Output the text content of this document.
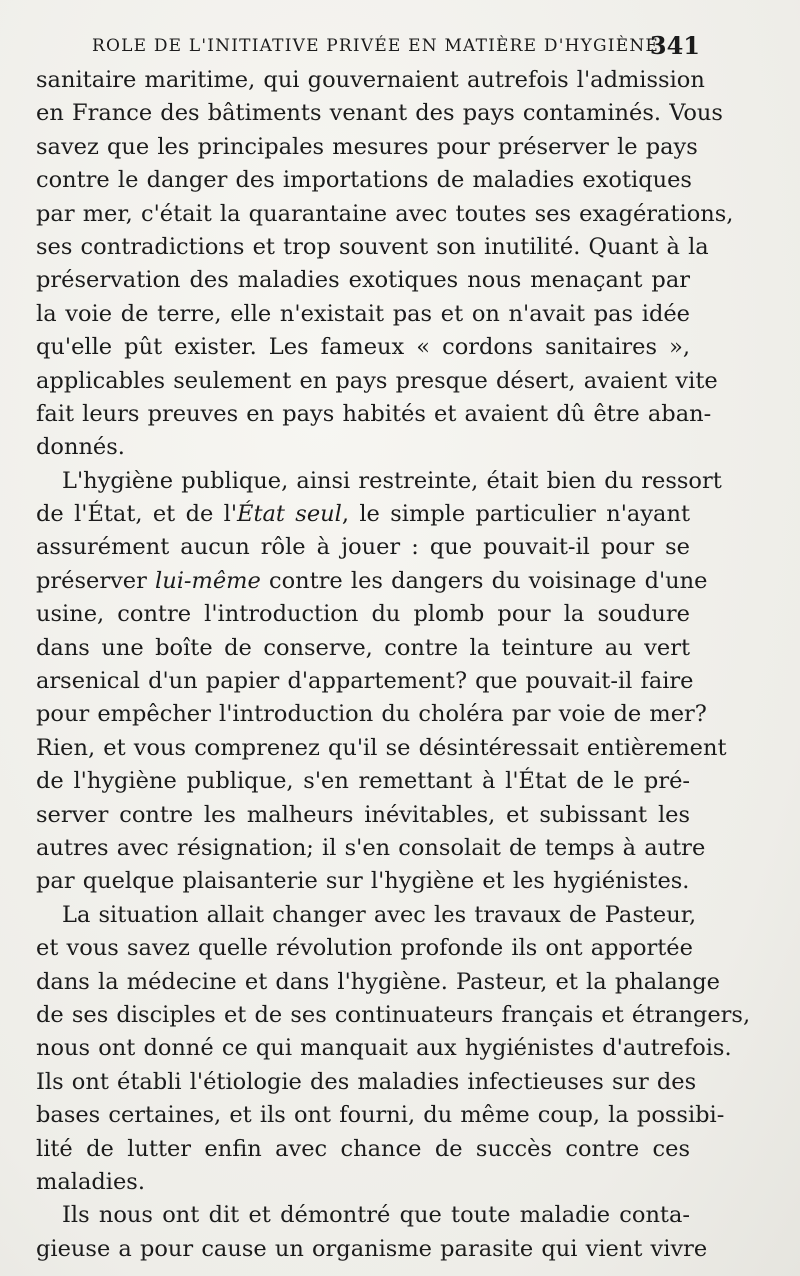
ROLE DE L'INITIATIVE PRIVÉE EN MATIÈRE D'HYGIÈNE.
341
sanitaire maritime, qui gouvernaient autrefois l'admission
en France des bâtiments venant des pays contaminés. Vous
savez que les principales mesures pour préserver le pays
contre le danger des importations de maladies exotiques
par mer, c'était la quarantaine avec toutes ses exagérations,
ses contradictions et trop souvent son inutilité. Quant à la
préservation des maladies exotiques nous menaçant par
la voie de terre, elle n'existait pas et on n'avait pas idée
qu'elle pût exister. Les fameux « cordons sanitaires »,
applicables seulement en pays presque désert, avaient vite
fait leurs preuves en pays habités et avaient dû être aban-
donnés.
L'hygiène publique, ainsi restreinte, était bien du ressort
de l'État, et de l'État seul, le simple particulier n'ayant
assurément aucun rôle à jouer : que pouvait-il pour se
préserver lui-même contre les dangers du voisinage d'une
usine, contre l'introduction du plomb pour la soudure
dans une boîte de conserve, contre la teinture au vert
arsenical d'un papier d'appartement? que pouvait-il faire
pour empêcher l'introduction du choléra par voie de mer?
Rien, et vous comprenez qu'il se désintéressait entièrement
de l'hygiène publique, s'en remettant à l'État de le pré-
server contre les malheurs inévitables, et subissant les
autres avec résignation; il s'en consolait de temps à autre
par quelque plaisanterie sur l'hygiène et les hygiénistes.
La situation allait changer avec les travaux de Pasteur,
et vous savez quelle révolution profonde ils ont apportée
dans la médecine et dans l'hygiène. Pasteur, et la phalange
de ses disciples et de ses continuateurs français et étrangers,
nous ont donné ce qui manquait aux hygiénistes d'autrefois.
Ils ont établi l'étiologie des maladies infectieuses sur des
bases certaines, et ils ont fourni, du même coup, la possibi-
lité de lutter enfin avec chance de succès contre ces
maladies.
Ils nous ont dit et démontré que toute maladie conta-
gieuse a pour cause un organisme parasite qui vient vivre
